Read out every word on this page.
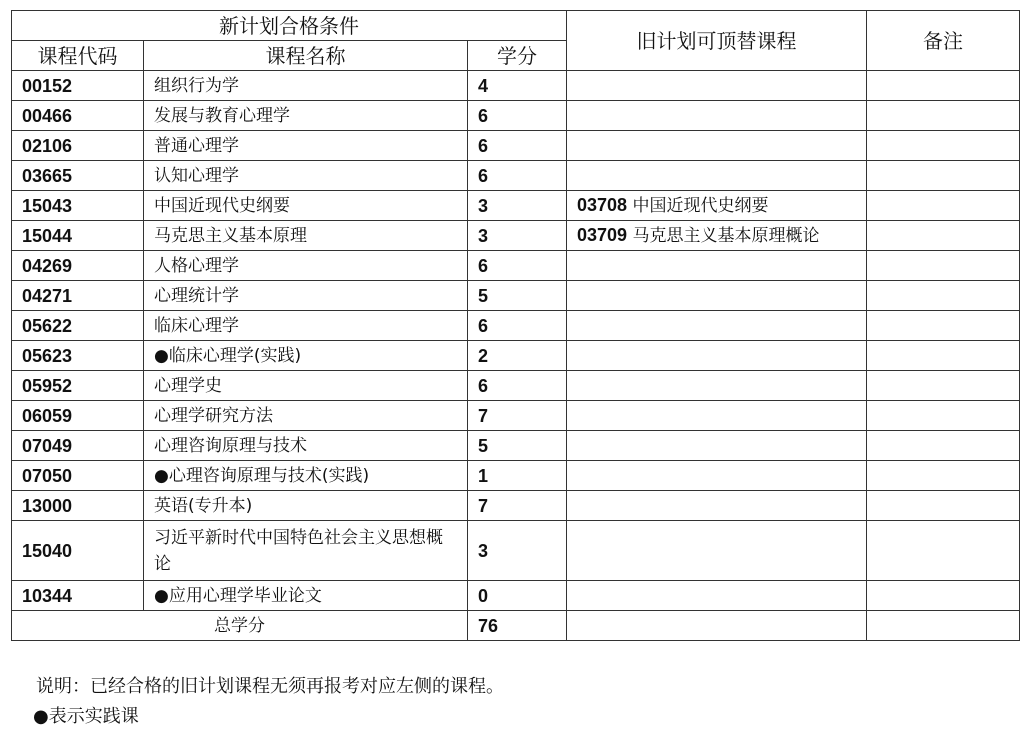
新计划合格条件			旧计划可顶替课程	备注
课程代码	课程名称	学分		
00152	组织行为学	4		
00466	发展与教育心理学	6		
02106	普通心理学	6		
03665	认知心理学	6		
15043	中国近现代史纲要	3	03708 中国近现代史纲要	
15044	马克思主义基本原理	3	03709 马克思主义基本原理概论	
04269	人格心理学	6		
04271	心理统计学	5		
05622	临床心理学	6		
05623	●临床心理学(实践)	2		
05952	心理学史	6		
06059	心理学研究方法	7		
07049	心理咨询原理与技术	5		
07050	●心理咨询原理与技术(实践)	1		
13000	英语(专升本)	7		
15040	习近平新时代中国特色社会主义思想概论	3		
10344	●应用心理学毕业论文	0		
总学分		76		
说明：已经合格的旧计划课程无须再报考对应左侧的课程。
●表示实践课
